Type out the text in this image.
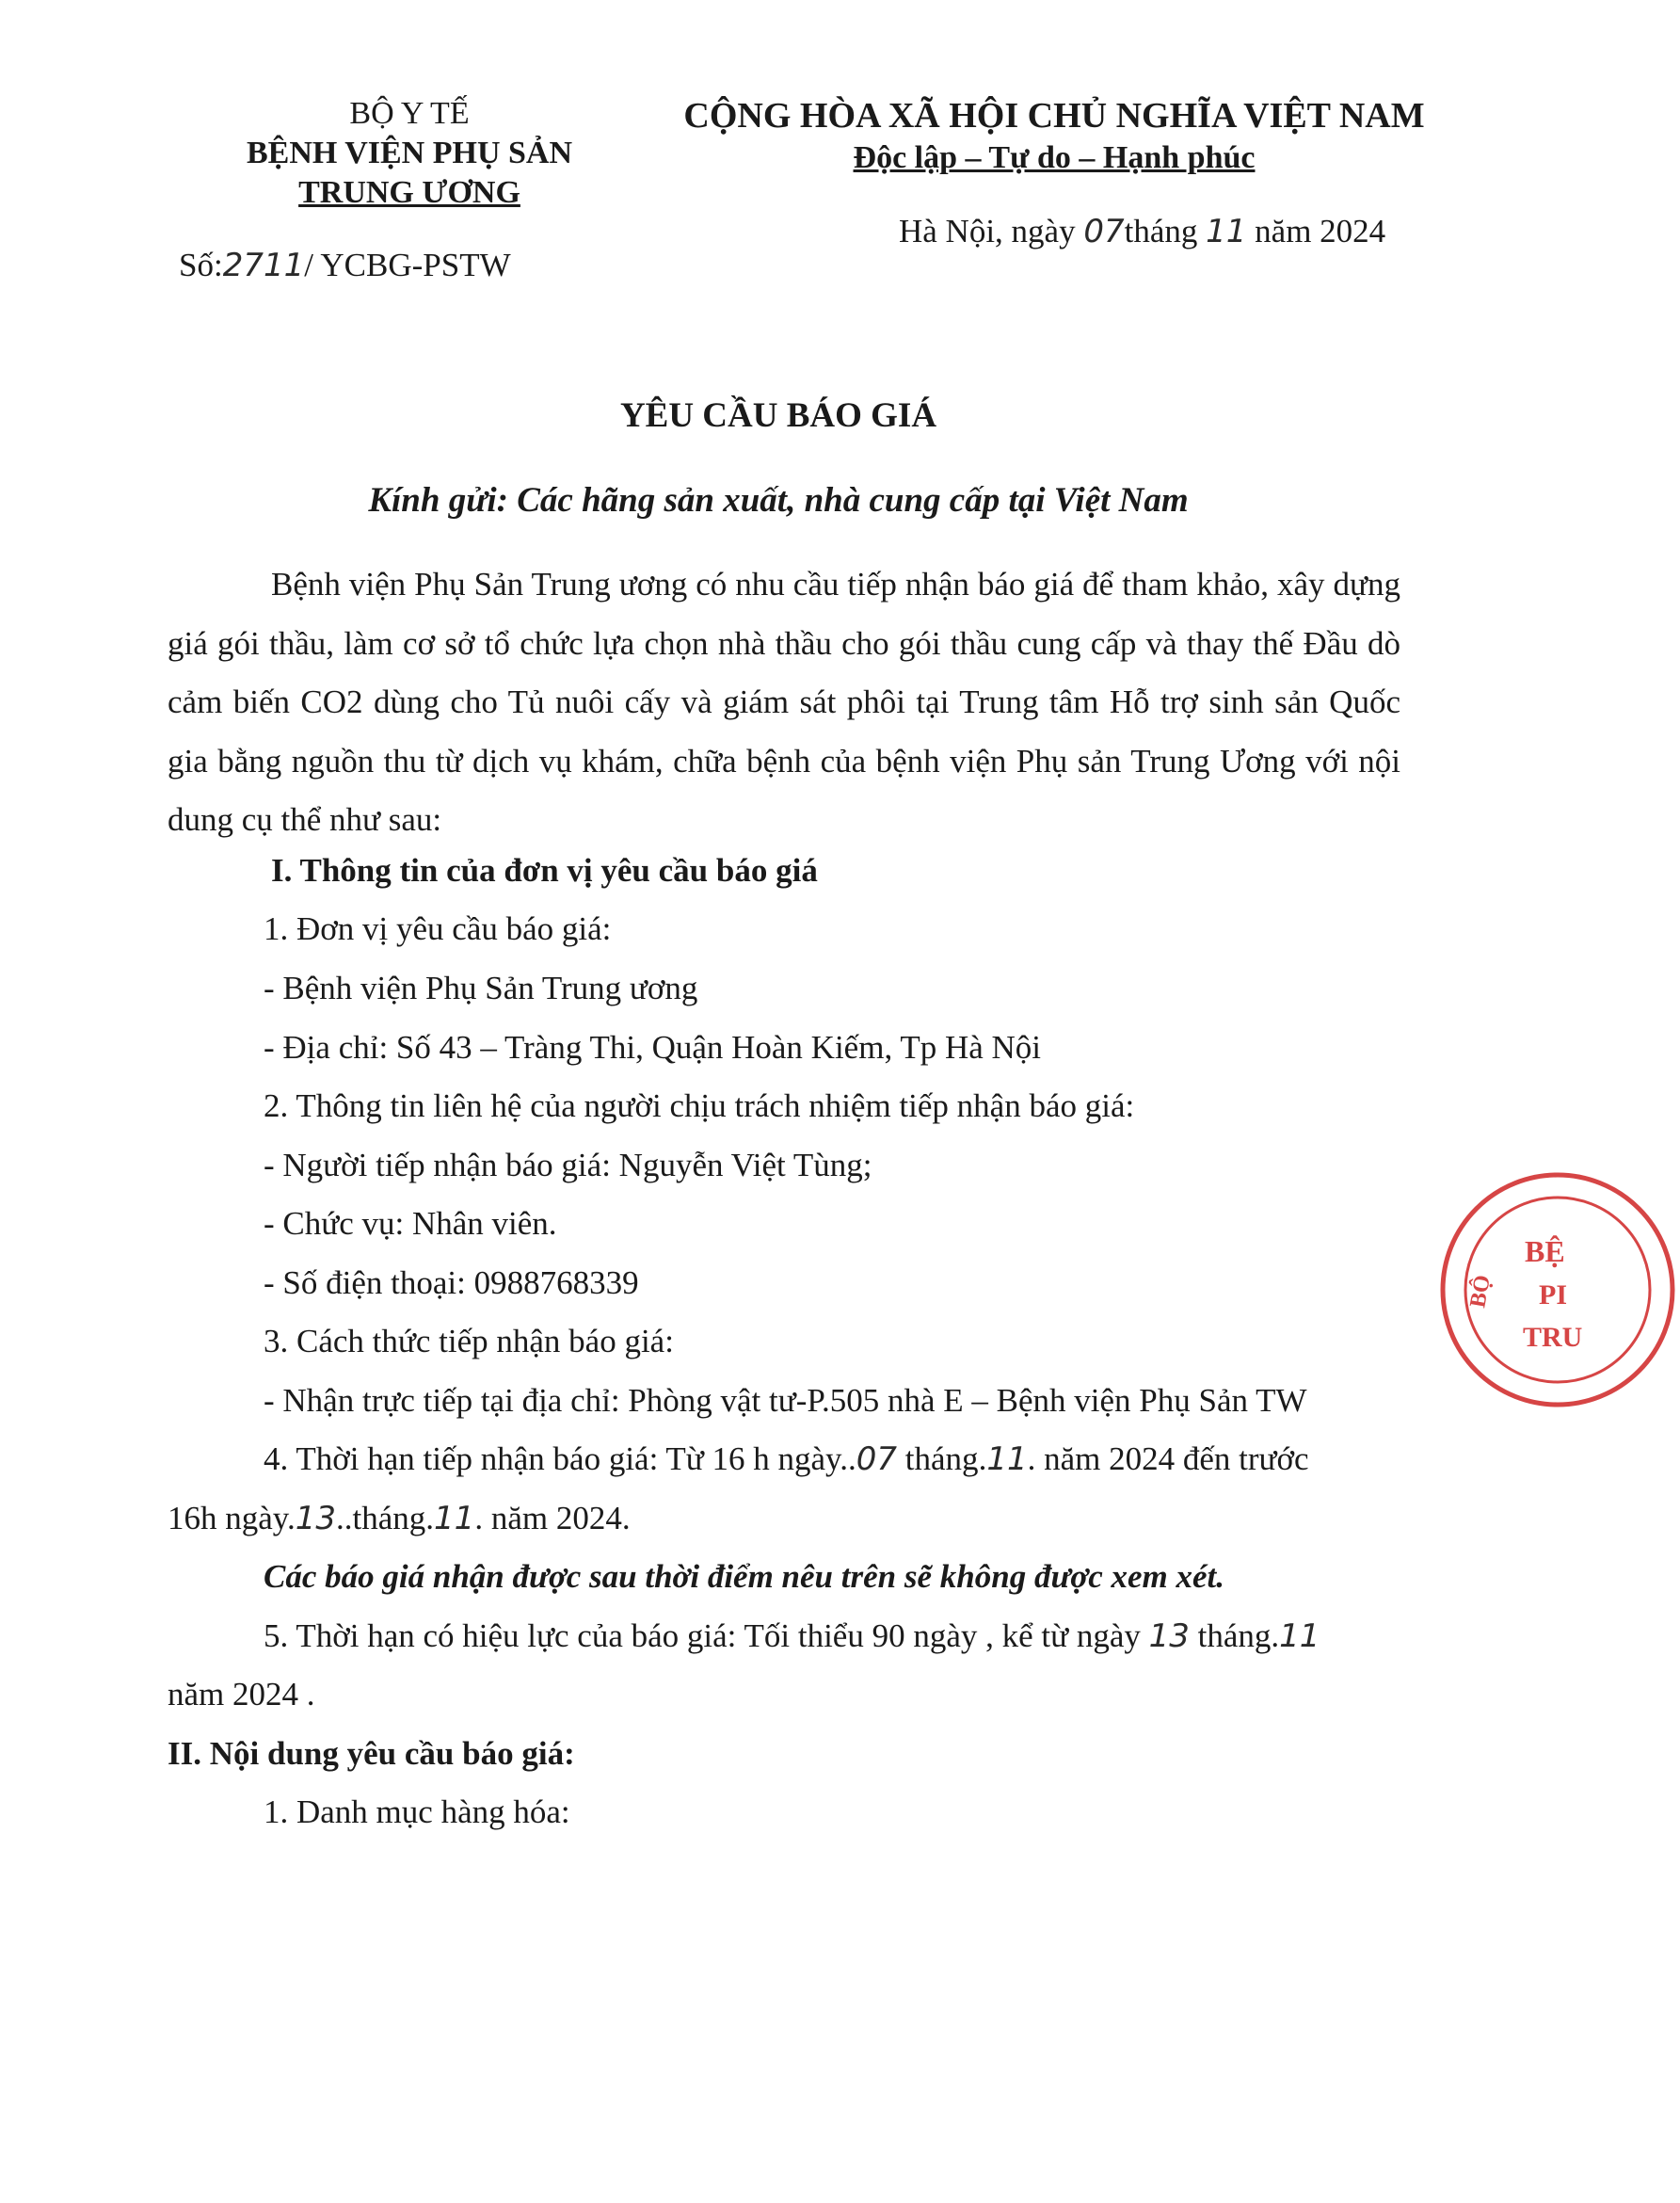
BỘ Y TẾ
BỆNH VIỆN PHỤ SẢN
TRUNG ƯƠNG
Số:2711/ YCBG-PSTW
CỘNG HÒA XÃ HỘI CHỦ NGHĨA VIỆT NAM
Độc lập – Tự do – Hạnh phúc
Hà Nội, ngày 07tháng 11 năm 2024
YÊU CẦU BÁO GIÁ
Kính gửi: Các hãng sản xuất, nhà cung cấp tại Việt Nam
Bệnh viện Phụ Sản Trung ương có nhu cầu tiếp nhận báo giá để tham khảo, xây dựng giá gói thầu, làm cơ sở tổ chức lựa chọn nhà thầu cho gói thầu cung cấp và thay thế Đầu dò cảm biến CO2 dùng cho Tủ nuôi cấy và giám sát phôi tại Trung tâm Hỗ trợ sinh sản Quốc gia bằng nguồn thu từ dịch vụ khám, chữa bệnh của bệnh viện Phụ sản Trung Ương với nội dung cụ thể như sau:
I. Thông tin của đơn vị yêu cầu báo giá
1. Đơn vị yêu cầu báo giá:
- Bệnh viện Phụ Sản Trung ương
- Địa chỉ: Số 43 – Tràng Thi, Quận Hoàn Kiếm, Tp Hà Nội
2. Thông tin liên hệ của người chịu trách nhiệm tiếp nhận báo giá:
- Người tiếp nhận báo giá: Nguyễn Việt Tùng;
- Chức vụ: Nhân viên.
- Số điện thoại: 0988768339
3. Cách thức tiếp nhận báo giá:
- Nhận trực tiếp tại địa chỉ: Phòng vật tư-P.505 nhà E – Bệnh viện Phụ Sản TW
4. Thời hạn tiếp nhận báo giá: Từ 16 h ngày..07 tháng.11. năm 2024 đến trước
16h ngày.13..tháng.11. năm 2024.
Các báo giá nhận được sau thời điểm nêu trên sẽ không được xem xét.
5. Thời hạn có hiệu lực của báo giá: Tối thiểu 90 ngày , kể từ ngày 13 tháng.11
năm 2024 .
II. Nội dung yêu cầu báo giá:
1. Danh mục hàng hóa:
BỆ
PI
TRU
BỘ
